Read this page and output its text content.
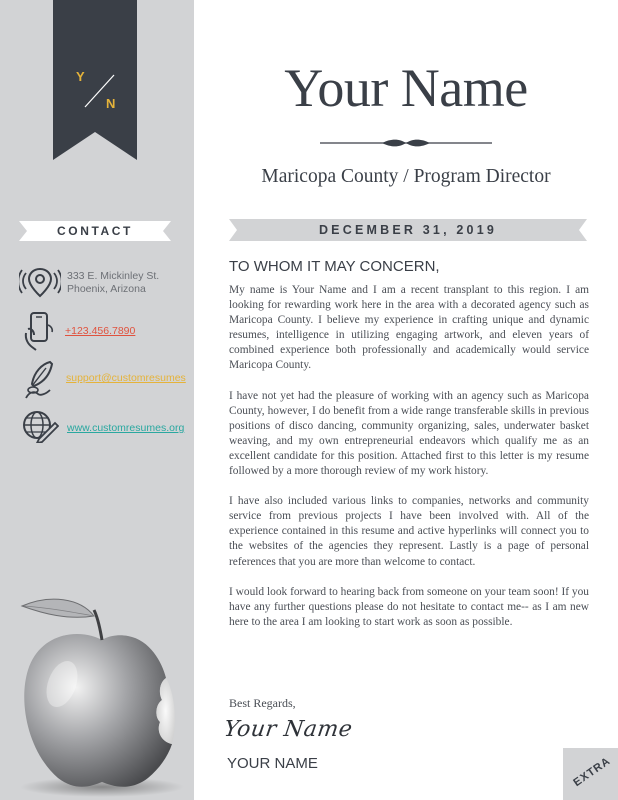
Y
N
CONTACT
333 E. Mickinley St.
Phoenix, Arizona
+123.456.7890
support@customresumes
www.customresumes.org
Your Name
Maricopa County / Program Director
DECEMBER 31, 2019
TO WHOM IT MAY CONCERN,

My name is Your Name and I am a recent transplant to this region. I am looking for rewarding work here in the area with a decorated agency such as Maricopa County. I believe my experience in crafting unique and dynamic resumes, intelligence in utilizing engaging artwork, and eleven years of combined experience both professionally and academically would service Maricopa County.

I have not yet had the pleasure of working with an agency such as Maricopa County, however, I do benefit from a wide range transferable skills in previous positions of disco dancing, community organizing, sales, underwater basket weaving, and my own entrepreneurial endeavors which qualify me as an excellent candidate for this position. Attached first to this letter is my resume followed by a more thorough review of my work history.

I have also included various links to companies, networks and community service from previous projects I have been involved with. All of the experience contained in this resume and active hyperlinks will connect you to the websites of the agencies they represent. Lastly is a page of personal references that you are more than welcome to contact.

I would look forward to hearing back from someone on your team soon! If you have any further questions please do not hesitate to contact me-- as I am new here to the area I am looking to start work as soon as possible.

Best Regards,
Your Name
YOUR NAME	EXTRA
